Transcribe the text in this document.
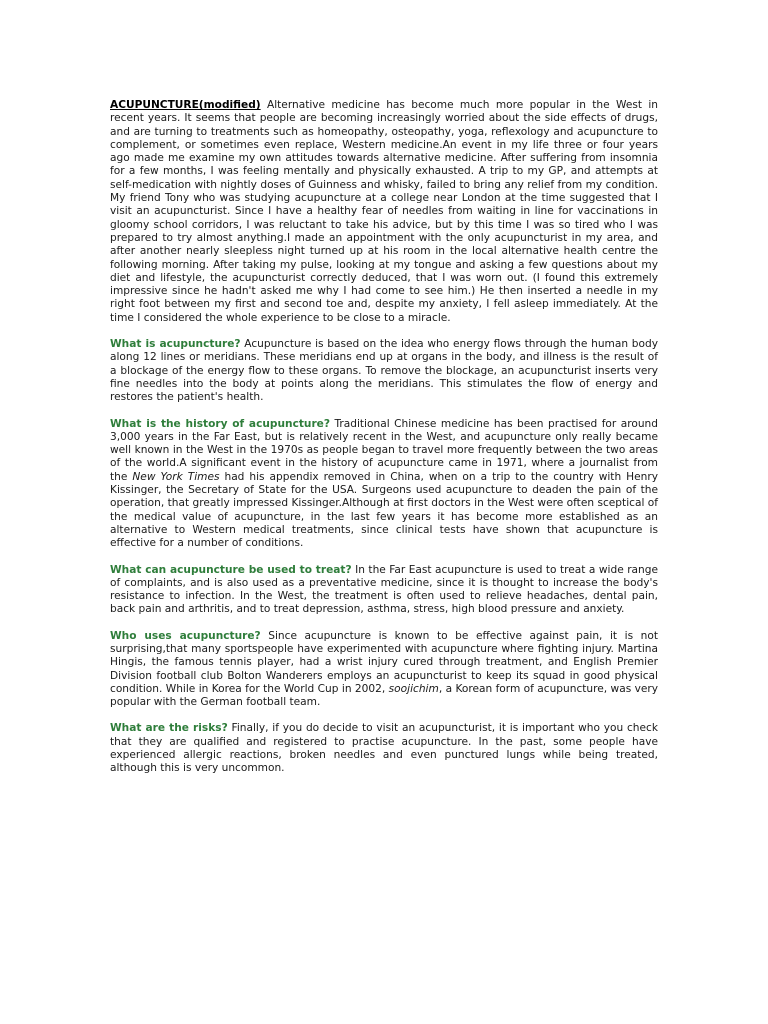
ACUPUNCTURE(modified) Alternative medicine has become much more popular in the West in recent years. It seems that people are becoming increasingly worried about the side effects of drugs, and are turning to treatments such as homeopathy, osteopathy, yoga, reflexology and acupuncture to complement, or sometimes even replace, Western medicine.An event in my life three or four years ago made me examine my own attitudes towards alternative medicine. After suffering from insomnia for a few months, I was feeling mentally and physically exhausted. A trip to my GP, and attempts at self-medication with nightly doses of Guinness and whisky, failed to bring any relief from my condition. My friend Tony who was studying acupuncture at a college near London at the time suggested that I visit an acupuncturist. Since I have a healthy fear of needles from waiting in line for vaccinations in gloomy school corridors, I was reluctant to take his advice, but by this time I was so tired who I was prepared to try almost anything.I made an appointment with the only acupuncturist in my area, and after another nearly sleepless night turned up at his room in the local alternative health centre the following morning. After taking my pulse, looking at my tongue and asking a few questions about my diet and lifestyle, the acupuncturist correctly deduced, that I was worn out. (I found this extremely impressive since he hadn't asked me why I had come to see him.) He then inserted a needle in my right foot between my first and second toe and, despite my anxiety, I fell asleep immediately. At the time I considered the whole experience to be close to a miracle.

What is acupuncture? Acupuncture is based on the idea who energy flows through the human body along 12 lines or meridians. These meridians end up at organs in the body, and illness is the result of a blockage of the energy flow to these organs. To remove the blockage, an acupuncturist inserts very fine needles into the body at points along the meridians. This stimulates the flow of energy and restores the patient's health.

What is the history of acupuncture? Traditional Chinese medicine has been practised for around 3,000 years in the Far East, but is relatively recent in the West, and acupuncture only really became well known in the West in the 1970s as people began to travel more frequently between the two areas of the world.A significant event in the history of acupuncture came in 1971, where a journalist from the New York Times had his appendix removed in China, when on a trip to the country with Henry Kissinger, the Secretary of State for the USA. Surgeons used acupuncture to deaden the pain of the operation, that greatly impressed Kissinger.Although at first doctors in the West were often sceptical of the medical value of acupuncture, in the last few years it has become more established as an alternative to Western medical treatments, since clinical tests have shown that acupuncture is effective for a number of conditions.

What can acupuncture be used to treat? In the Far East acupuncture is used to treat a wide range of complaints, and is also used as a preventative medicine, since it is thought to increase the body's resistance to infection. In the West, the treatment is often used to relieve headaches, dental pain, back pain and arthritis, and to treat depression, asthma, stress, high blood pressure and anxiety.

Who uses acupuncture? Since acupuncture is known to be effective against pain, it is not surprising,that many sportspeople have experimented with acupuncture where fighting injury. Martina Hingis, the famous tennis player, had a wrist injury cured through treatment, and English Premier Division football club Bolton Wanderers employs an acupuncturist to keep its squad in good physical condition. While in Korea for the World Cup in 2002, soojichim, a Korean form of acupuncture, was very popular with the German football team.

What are the risks? Finally, if you do decide to visit an acupuncturist, it is important who you check that they are qualified and registered to practise acupuncture. In the past, some people have experienced allergic reactions, broken needles and even punctured lungs while being treated, although this is very uncommon.
